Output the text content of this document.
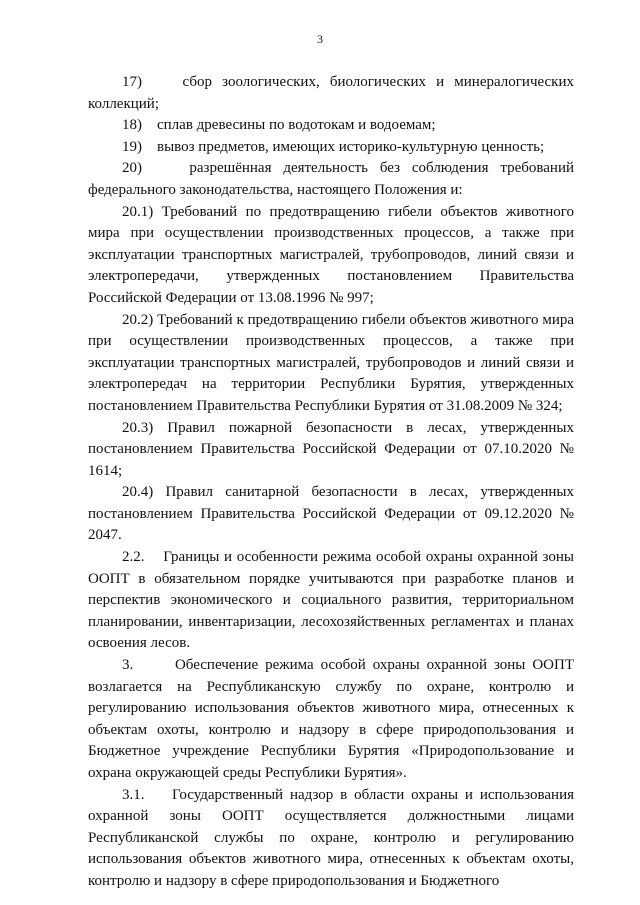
3

17)    сбор зоологических, биологических и минералогических коллекций;

18)    сплав древесины по водотокам и водоемам;

19)    вывоз предметов, имеющих историко-культурную ценность;

20)    разрешённая деятельность без соблюдения требований федерального законодательства, настоящего Положения и:

20.1) Требований по предотвращению гибели объектов животного мира при осуществлении производственных процессов, а также при эксплуатации транспортных магистралей, трубопроводов, линий связи и электропередачи, утвержденных постановлением Правительства Российской Федерации от 13.08.1996 № 997;

20.2) Требований к предотвращению гибели объектов животного мира при осуществлении производственных процессов, а также при эксплуатации транспортных магистралей, трубопроводов и линий связи и электропередач на территории Республики Бурятия, утвержденных постановлением Правительства Республики Бурятия от 31.08.2009 № 324;

20.3) Правил пожарной безопасности в лесах, утвержденных постановлением Правительства Российской Федерации от 07.10.2020 № 1614;

20.4) Правил санитарной безопасности в лесах, утвержденных постановлением Правительства Российской Федерации от 09.12.2020 № 2047.

2.2.    Границы и особенности режима особой охраны охранной зоны ООПТ в обязательном порядке учитываются при разработке планов и перспектив экономического и социального развития, территориальном планировании, инвентаризации, лесохозяйственных регламентах и планах освоения лесов.

3.      Обеспечение режима особой охраны охранной зоны ООПТ возлагается на Республиканскую службу по охране, контролю и регулированию использования объектов животного мира, отнесенных к объектам охоты, контролю и надзору в сфере природопользования и Бюджетное учреждение Республики Бурятия «Природопользование и охрана окружающей среды Республики Бурятия».

3.1.    Государственный надзор в области охраны и использования охранной зоны ООПТ осуществляется должностными лицами Республиканской службы по охране, контролю и регулированию использования объектов животного мира, отнесенных к объектам охоты, контролю и надзору в сфере природопользования и Бюджетного
